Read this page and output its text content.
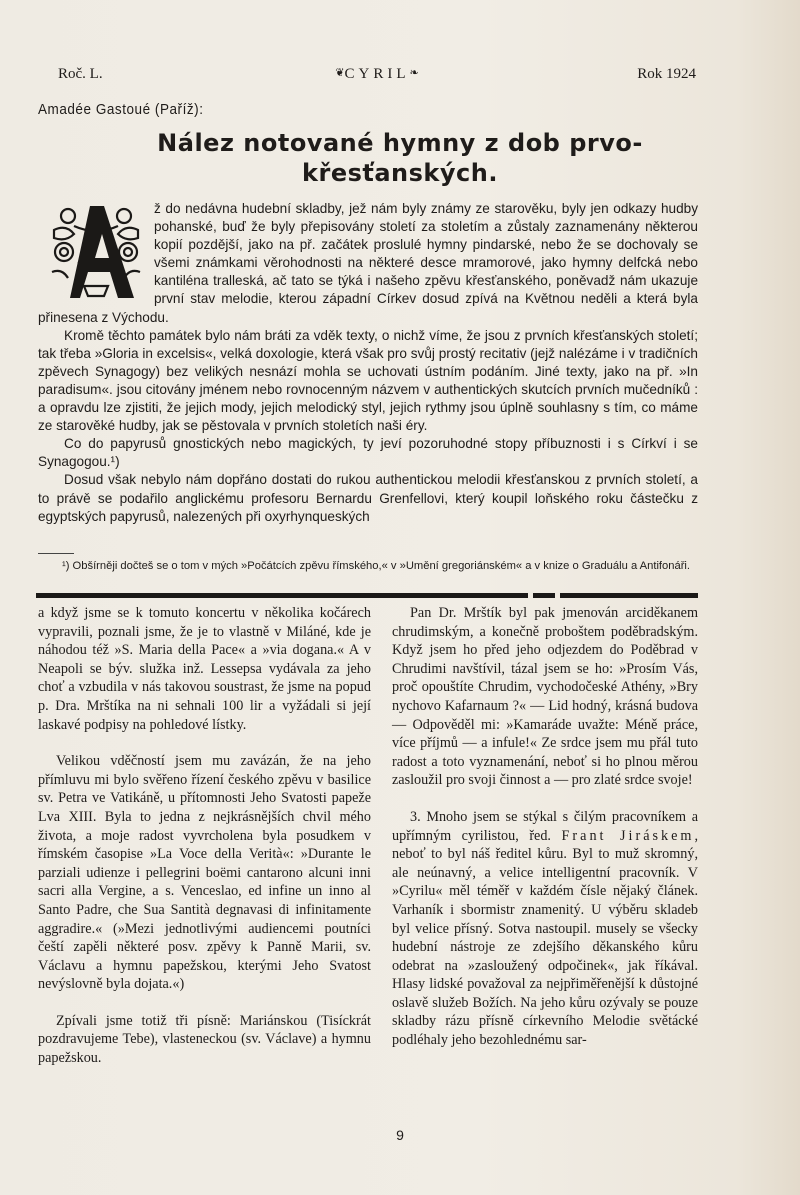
Roč. L.	❦CYRIL❧	Rok 1924
Amadée Gastoué (Paříž):
Nález notované hymny z dob prvo-
křesťanských.

ž do nedávna hudební skladby, jež nám byly známy ze starověku, byly jen odkazy hudby pohanské, buď že byly přepisovány století za stoletím a zůstaly zaznamenány některou kopií pozdější, jako na př. začátek proslulé hymny pindarské, nebo že se dochovaly se všemi známkami věrohodnosti na některé desce mramorové, jako hymny delfcká nebo kantiléna tralleská, ač tato se týká i našeho zpěvu křesťanského, poněvadž nám ukazuje první stav melodie, kterou západní Církev dosud zpívá na Květnou neděli a která byla přinesena z Východu.

Kromě těchto památek bylo nám bráti za vděk texty, o nichž víme, že jsou z prvních křesťanských století; tak třeba »Gloria in excelsis«, velká doxologie, která však pro svůj prostý recitativ (jejž nalézáme i v tradičních zpěvech Synagogy) bez velikých nesnází mohla se uchovati ústním podáním. Jiné texty, jako na př. »In paradisum«. jsou citovány jménem nebo rovnocenným názvem v authentických skutcích prvních mučedníků : a opravdu lze zjistiti, že jejich mody, jejich melodický styl, jejich rythmy jsou úplně souhlasny s tím, co máme ze starověké hudby, jak se pěstovala v prvních stoletích naši éry.

Co do papyrusů gnostických nebo magických, ty jeví pozoruhodné stopy příbuznosti i s Církví i se Synagogou.¹)

Dosud však nebylo nám dopřáno dostati do rukou authentickou melodii křesťanskou z prvních století, a to právě se podařilo anglickému profesoru Bernardu Grenfellovi, který koupil loňského roku částečku z egyptských papyrusů, nalezených při oxyrhynqueských

¹) Obšírněji dočteš se o tom v mých »Počátcích zpěvu římského,« v »Umění gregoriánském« a v knize o Graduálu a Antifonáři.

a když jsme se k tomuto koncertu v několika kočárech vypravili, poznali jsme, že je to vlastně v Miláné, kde je náhodou též »S. Maria della Pace« a »via dogana.« A v Neapoli se býv. služka inž. Lessepsa vydávala za jeho choť a vzbudila v nás takovou soustrast, že jsme na popud p. Dra. Mrštíka na ni sehnali 100 lir a vyžádali si její laskavé podpisy na pohledové lístky.

Velikou vděčností jsem mu zavázán, že na jeho přímluvu mi bylo svěřeno řízení českého zpěvu v basilice sv. Petra ve Vatikáně, u přítomnosti Jeho Svatosti papeže Lva XIII. Byla to jedna z nejkrásnějších chvil mého života, a moje radost vyvrcholena byla posudkem v římském časopise »La Voce della Verità«: »Durante le parziali udienze i pellegrini boëmi cantarono alcuni inni sacri alla Vergine, a s. Venceslao, ed infine un inno al Santo Padre, che Sua Santità degnavasi di infinitamente aggradire.« (»Mezi jednotlivými audiencemi poutníci čeští zapěli některé posv. zpěvy k Panně Marii, sv. Václavu a hymnu papežskou, kterými Jeho Svatost nevýslovně byla dojata.«)

Zpívali jsme totiž tři písně: Mariánskou (Tisíckrát pozdravujeme Tebe), vlasteneckou (sv. Václave) a hymnu papežskou.

Pan Dr. Mrštík byl pak jmenován arciděkanem chrudimským, a konečně proboštem poděbradským. Když jsem ho před jeho odjezdem do Poděbrad v Chrudimi navštívil, tázal jsem se ho: »Prosím Vás, proč opouštíte Chrudim, vychodočeské Athény, »Bry nychovo Kafarnaum ?« — Lid hodný, krásná budova — Odpověděl mi: »Kamaráde uvažte: Méně práce, více příjmů — a infule!« Ze srdce jsem mu přál tuto radost a toto vyznamenání, neboť si ho plnou měrou zasloužil pro svoji činnost a — pro zlaté srdce svoje!

3. Mnoho jsem se stýkal s čilým pracovníkem a upřímným cyrilistou, řed. Frant Jiráskem, neboť to byl náš ředitel kůru. Byl to muž skromný, ale neúnavný, a velice intelligentní pracovník. V »Cyrilu« měl téměř v každém čísle nějaký článek. Varhaník i sbormistr znamenitý. U výběru skladeb byl velice přísný. Sotva nastoupil. musely se všecky hudební nástroje ze zdejšího děkanského kůru odebrat na »zasloužený odpočinek«, jak říkával. Hlasy lidské považoval za nejpřiměřenější k důstojné oslavě služeb Božích. Na jeho kůru ozývaly se pouze skladby rázu přísně církevního Melodie světácké podléhaly jeho bezohlednému sar-

9
